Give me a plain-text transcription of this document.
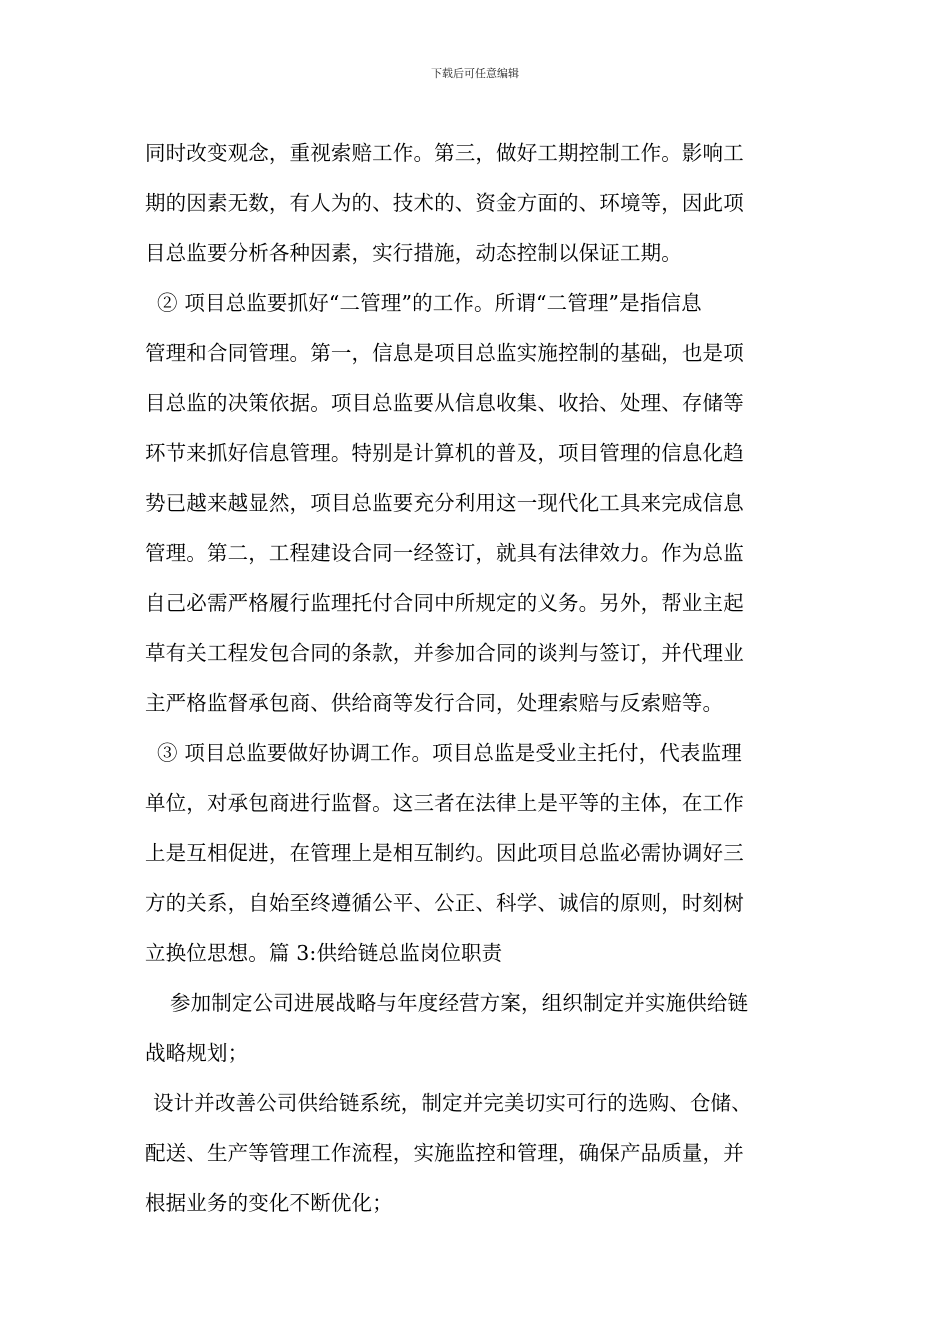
下载后可任意编辑
同时改变观念，重视索赔工作。第三，做好工期控制工作。影响工
期的因素无数，有人为的、技术的、资金方面的、环境等，因此项
目总监要分析各种因素，实行措施，动态控制以保证工期。
② 项目总监要抓好“二管理”的工作。所谓“二管理”是指信息
管理和合同管理。第一，信息是项目总监实施控制的基础，也是项
目总监的决策依据。项目总监要从信息收集、收拾、处理、存储等
环节来抓好信息管理。特别是计算机的普及，项目管理的信息化趋
势已越来越显然，项目总监要充分利用这一现代化工具来完成信息
管理。第二，工程建设合同一经签订，就具有法律效力。作为总监
自己必需严格履行监理托付合同中所规定的义务。另外，帮业主起
草有关工程发包合同的条款，并参加合同的谈判与签订，并代理业
主严格监督承包商、供给商等发行合同，处理索赔与反索赔等。
③ 项目总监要做好协调工作。项目总监是受业主托付，代表监理
单位，对承包商进行监督。这三者在法律上是平等的主体，在工作
上是互相促进，在管理上是相互制约。因此项目总监必需协调好三
方的关系，自始至终遵循公平、公正、科学、诚信的原则，时刻树
立换位思想。篇 3:供给链总监岗位职责
参加制定公司进展战略与年度经营方案，组织制定并实施供给链
战略规划；
设计并改善公司供给链系统，制定并完美切实可行的选购、仓储、
配送、生产等管理工作流程，实施监控和管理，确保产品质量，并
根据业务的变化不断优化；
